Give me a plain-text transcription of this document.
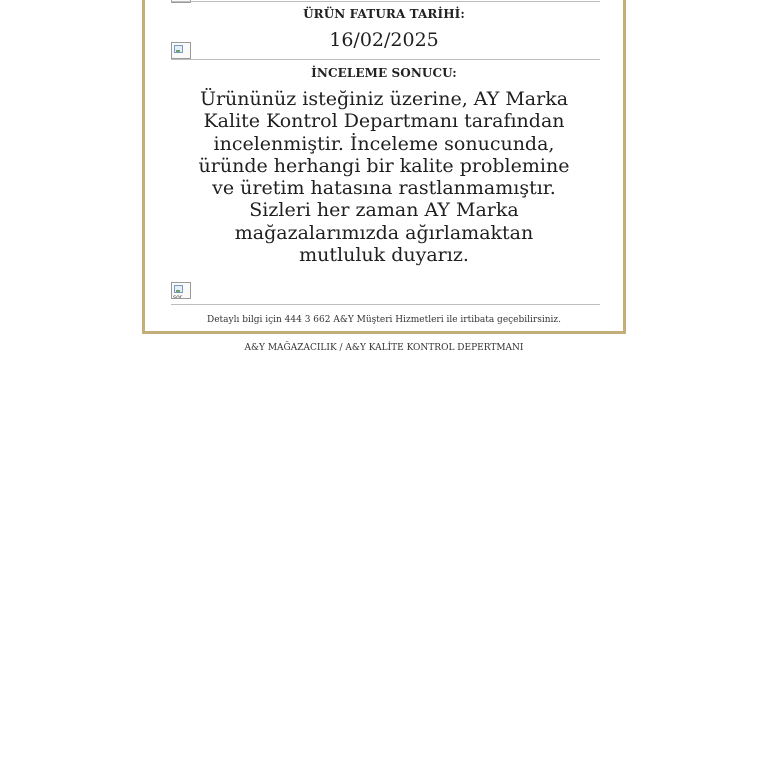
ÜRÜN FATURA TARİHİ:
16/02/2025
İNCELEME SONUCU:
Ürününüz isteğiniz üzerine, AY Marka Kalite Kontrol Departmanı tarafından incelenmiştir. İnceleme sonucunda, üründe herhangi bir kalite problemine ve üretim hatasına rastlanmamıştır. Sizleri her zaman AY Marka mağazalarımızda ağırlamaktan mutluluk duyarız.
sor
Detaylı bilgi için 444 3 662 A&Y Müşteri Hizmetleri ile irtibata geçebilirsiniz.
A&Y MAĞAZACILIK / A&Y KALİTE KONTROL DEPERTMANI
